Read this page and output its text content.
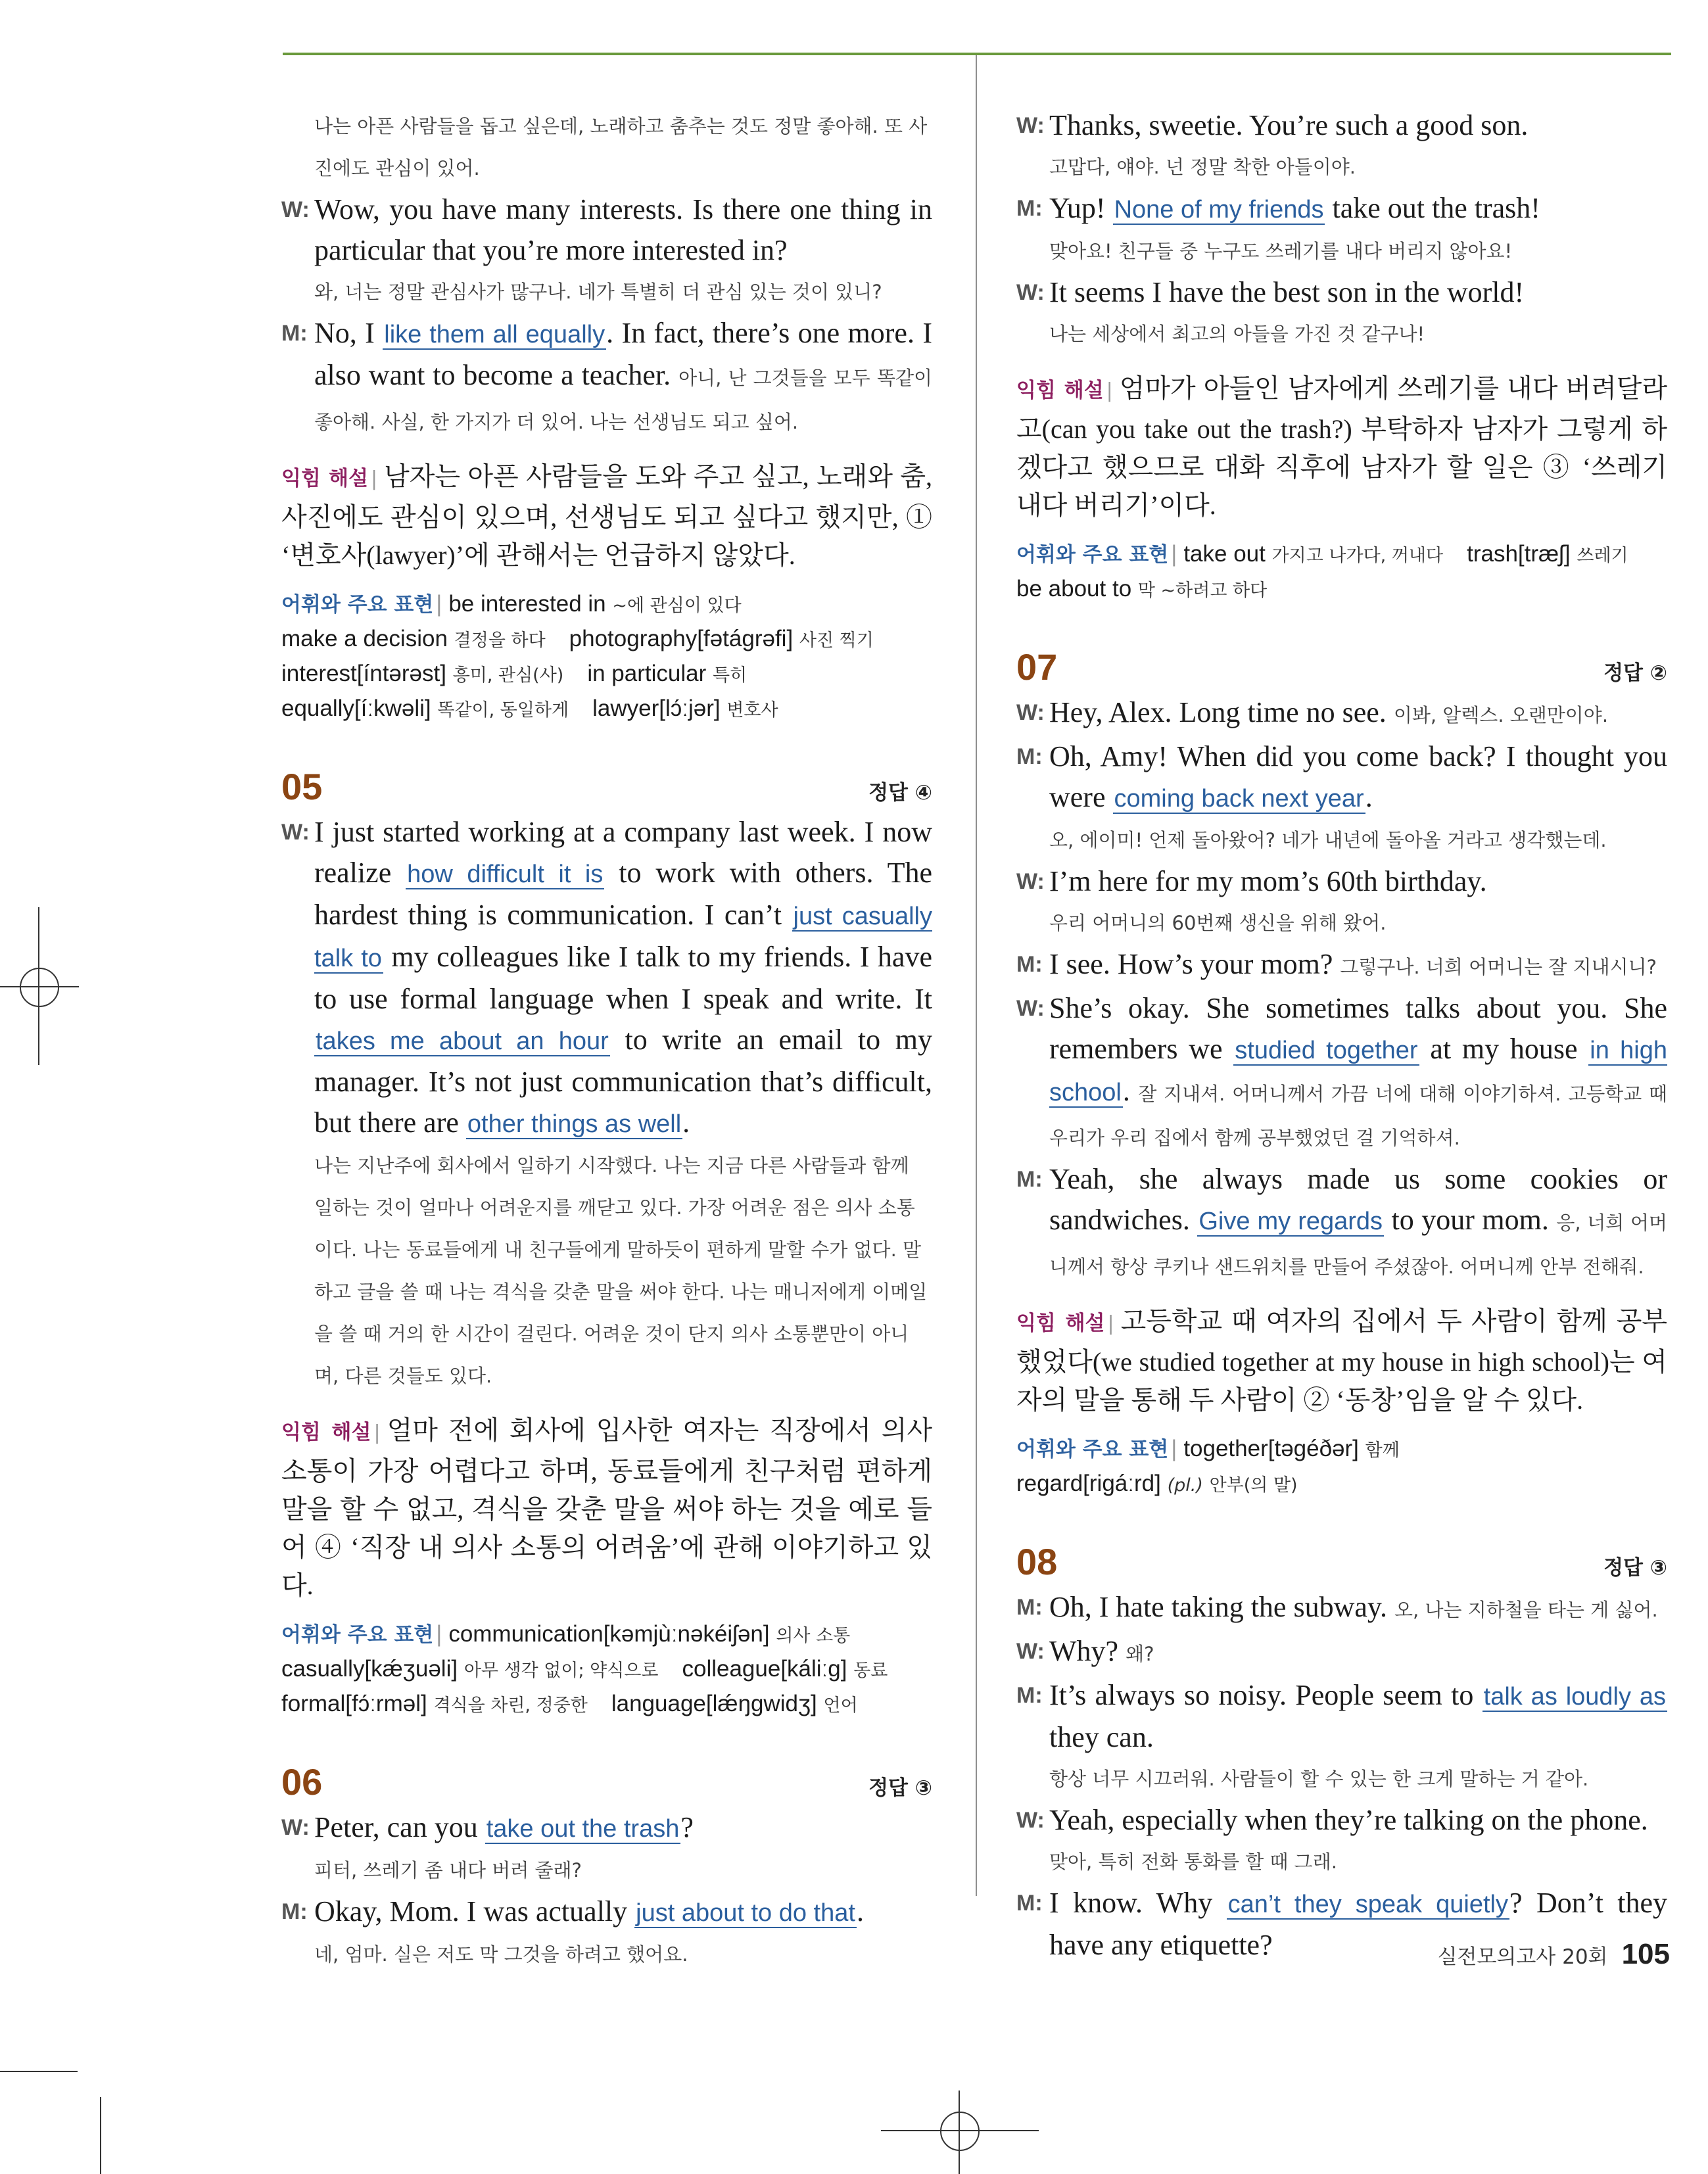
나는 아픈 사람들을 돕고 싶은데, 노래하고 춤추는 것도 정말 좋아해. 또 사진에도 관심이 있어.
W: Wow, you have many interests. Is there one thing in particular that you’re more interested in?
와, 너는 정말 관심사가 많구나. 네가 특별히 더 관심 있는 것이 있니?
M: No, I like them all equally. In fact, there’s one more. I also want to become a teacher. 아니, 난 그것들을 모두 똑같이 좋아해. 사실, 한 가지가 더 있어. 나는 선생님도 되고 싶어.
익힘 해설 | 남자는 아픈 사람들을 도와 주고 싶고, 노래와 춤, 사진에도 관심이 있으며, 선생님도 되고 싶다고 했지만, ① ‘변호사(lawyer)’에 관해서는 언급하지 않았다.
어휘와 주요 표현 | be interested in ~에 관심이 있다
make a decision 결정을 하다 photography[fətágrəfi] 사진 찍기
interest[íntərəst] 흥미, 관심(사) in particular 특히
equally[íːkwəli] 똑같이, 동일하게 lawyer[lɔ́ːjər] 변호사
05	정답 ④
W: I just started working at a company last week. I now realize how difficult it is to work with others. The hardest thing is communication. I can’t just casually talk to my colleagues like I talk to my friends. I have to use formal language when I speak and write. It takes me about an hour to write an email to my manager. It’s not just communication that’s difficult, but there are other things as well.
나는 지난주에 회사에서 일하기 시작했다. 나는 지금 다른 사람들과 함께 일하는 것이 얼마나 어려운지를 깨닫고 있다. 가장 어려운 점은 의사 소통이다. 나는 동료들에게 내 친구들에게 말하듯이 편하게 말할 수가 없다. 말하고 글을 쓸 때 나는 격식을 갖춘 말을 써야 한다. 나는 매니저에게 이메일을 쓸 때 거의 한 시간이 걸린다. 어려운 것이 단지 의사 소통뿐만이 아니며, 다른 것들도 있다.
익힘 해설 | 얼마 전에 회사에 입사한 여자는 직장에서 의사 소통이 가장 어렵다고 하며, 동료들에게 친구처럼 편하게 말을 할 수 없고, 격식을 갖춘 말을 써야 하는 것을 예로 들어 ④ ‘직장 내 의사 소통의 어려움’에 관해 이야기하고 있다.
어휘와 주요 표현 | communication[kəmjùːnəkéiʃən] 의사 소통
casually[kǽʒuəli] 아무 생각 없이; 약식으로 colleague[káliːg] 동료
formal[fɔ́ːrməl] 격식을 차린, 정중한 language[lǽŋgwidʒ] 언어
06	정답 ③
W: Peter, can you take out the trash?
피터, 쓰레기 좀 내다 버려 줄래?
M: Okay, Mom. I was actually just about to do that.
네, 엄마. 실은 저도 막 그것을 하려고 했어요.
W: Thanks, sweetie. You’re such a good son.
고맙다, 얘야. 넌 정말 착한 아들이야.
M: Yup! None of my friends take out the trash!
맞아요! 친구들 중 누구도 쓰레기를 내다 버리지 않아요!
W: It seems I have the best son in the world!
나는 세상에서 최고의 아들을 가진 것 같구나!
익힘 해설 | 엄마가 아들인 남자에게 쓰레기를 내다 버려달라고(can you take out the trash?) 부탁하자 남자가 그렇게 하겠다고 했으므로 대화 직후에 남자가 할 일은 ③ ‘쓰레기 내다 버리기’이다.
어휘와 주요 표현 | take out 가지고 나가다, 꺼내다 trash[træʃ] 쓰레기
be about to 막 ~하려고 하다
07	정답 ②
W: Hey, Alex. Long time no see. 이봐, 알렉스. 오랜만이야.
M: Oh, Amy! When did you come back? I thought you were coming back next year.
오, 에이미! 언제 돌아왔어? 네가 내년에 돌아올 거라고 생각했는데.
W: I’m here for my mom’s 60th birthday.
우리 어머니의 60번째 생신을 위해 왔어.
M: I see. How’s your mom? 그렇구나. 너희 어머니는 잘 지내시니?
W: She’s okay. She sometimes talks about you. She remembers we studied together at my house in high school. 잘 지내셔. 어머니께서 가끔 너에 대해 이야기하셔. 고등학교 때 우리가 우리 집에서 함께 공부했었던 걸 기억하셔.
M: Yeah, she always made us some cookies or sandwiches. Give my regards to your mom. 응, 너희 어머니께서 항상 쿠키나 샌드위치를 만들어 주셨잖아. 어머니께 안부 전해줘.
익힘 해설 | 고등학교 때 여자의 집에서 두 사람이 함께 공부했었다(we studied together at my house in high school)는 여자의 말을 통해 두 사람이 ② ‘동창’임을 알 수 있다.
어휘와 주요 표현 | together[təgéðər] 함께
regard[rigáːrd] (pl.) 안부(의 말)
08	정답 ③
M: Oh, I hate taking the subway. 오, 나는 지하철을 타는 게 싫어.
W: Why? 왜?
M: It’s always so noisy. People seem to talk as loudly as they can.
항상 너무 시끄러워. 사람들이 할 수 있는 한 크게 말하는 거 같아.
W: Yeah, especially when they’re talking on the phone.
맞아, 특히 전화 통화를 할 때 그래.
M: I know. Why can’t they speak quietly? Don’t they have any etiquette?	실전모의고사 20회 105
